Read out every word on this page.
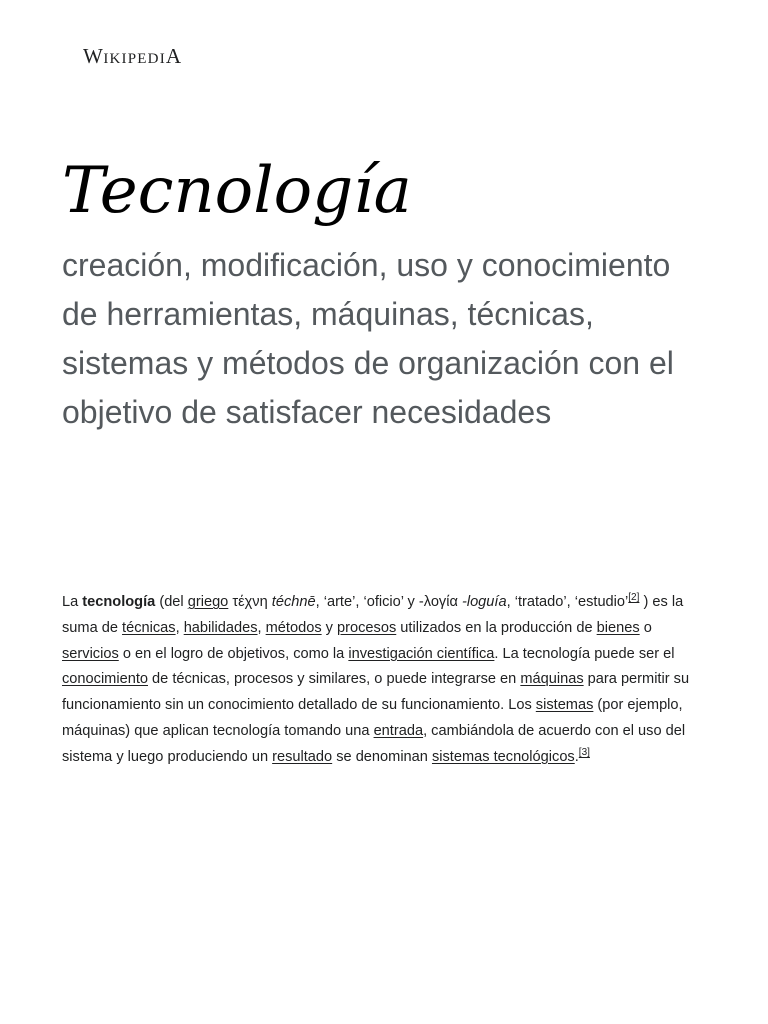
WIKIPEDIA
Tecnología

creación, modificación, uso y conocimiento de herramientas, máquinas, técnicas, sistemas y métodos de organización con el objetivo de satisfacer necesidades

La tecnología (del griego τέχνη téchnē, ‘arte’, ‘oficio’ y -λογία -loguía, ‘tratado’, ‘estudio’[2] ) es la suma de técnicas, habilidades, métodos y procesos utilizados en la producción de bienes o servicios o en el logro de objetivos, como la investigación científica. La tecnología puede ser el conocimiento de técnicas, procesos y similares, o puede integrarse en máquinas para permitir su funcionamiento sin un conocimiento detallado de su funcionamiento. Los sistemas (por ejemplo, máquinas) que aplican tecnología tomando una entrada, cambiándola de acuerdo con el uso del sistema y luego produciendo un resultado se denominan sistemas tecnológicos.[3]
